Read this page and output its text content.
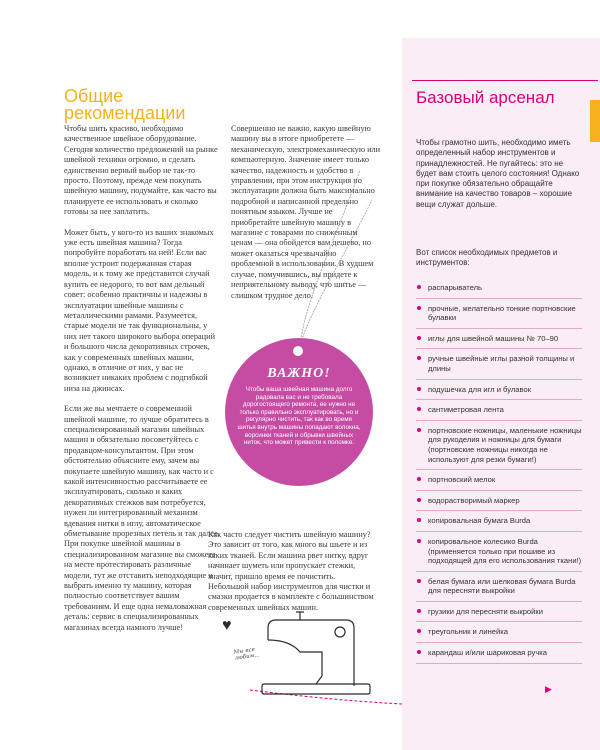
Общие рекомендации

Чтобы шить красиво, необходимо качественное швейное оборудование. Сегодня количество предложений на рынке швейной техники огромно, и сделать единственно верный выбор не так-то просто. Поэтому, прежде чем покупать швейную машину, подумайте, как часто вы планируете ее использовать и сколько готовы за нее заплатить.

Может быть, у кого-то из ваших знакомых уже есть швейная машина? Тогда попробуйте поработать на ней! Если вас вполне устроит подержанная старая модель, и к тому же представится случай купить ее недорого, то вот вам дельный совет: особенно практичны и надежны в эксплуатации швейные машины с металлическими рамами. Разумеется, старые модели не так функциональны, у них нет такого широкого выбора операций и большого числа декоративных строчек, как у современных швейных машин, однако, в отличие от них, у вас не возникнет никаких проблем с подгибкой низа на джинсах.

Если же вы мечтаете о современной швейной машине, то лучше обратитесь в специализированный магазин швейных машин и обязательно посоветуйтесь с продавцом-консультантом. При этом обстоятельно объясните ему, зачем вы покупаете швейную машину, как часто и с какой интенсивностью рассчитываете ее эксплуатировать, сколько и каких декоративных стежков вам потребуется, нужен ли интегрированный механизм вдевания нитки в иглу, автоматическое обметывание прорезных петель и так далее. При покупке швейной машины в специализированном магазине вы сможете на месте протестировать различные модели, тут же отставить неподходящие и выбрать именно ту машину, которая полностью соответствует вашим требованиям. И еще одна немаловажная деталь: сервис в специализированных магазинах всегда намного лучше!

Совершенно не важно, какую швейную машину вы в итоге приобретете — механическую, электромеханическую или компьютерную. Значение имеет только качество, надежность и удобство в управлении, при этом инструкция по эксплуатации должна быть максимально подробной и написанной предельно понятным языком. Лучше не приобретайте швейную машину в магазине с товарами по сниженным ценам — она обойдется вам дешево, но может оказаться чрезвычайно проблемной в использовании. В худшем случае, помучившись, вы придете к неприятельному выводу, что шитье — слишком трудное дело.

ВАЖНО!
Чтобы ваша швейная машина долго радовала вас и не требовала дорогостоящего ремонта, ее нужно не только правильно эксплуатировать, но и регулярно чистить, так как во время шитья внутрь машины попадают волокна, ворсинки тканей и обрывки швейных ниток, что может привести к поломке.

Как часто следует чистить швейную машину? Это зависит от того, как много вы шьете и из каких тканей. Если машина рвет нитку, вдруг начинает шуметь или пропускает стежки, значит, пришло время ее почистить. Небольшой набор инструментов для чистки и смазки продается в комплекте с большинством современных швейных машин.

♥
Мы все любим…
Базовый арсенал
Чтобы грамотно шить, необходимо иметь определенный набор инструментов и принадлежностей. Не пугайтесь: это не будет вам стоить целого состояния! Однако при покупке обязательно обращайте внимание на качество товаров – хорошие вещи служат дольше.
Вот список необходимых предметов и инструментов:
распарыватель
прочные, желательно тонкие портновские булавки
иглы для швейной машины № 70–90
ручные швейные иглы разной толщины и длины
подушечка для игл и булавок
сантиметровая лента
портновские ножницы, маленькие ножницы для рукоделия и ножницы для бумаги (портновские ножницы никогда не используют для резки бумаги!)
портновский мелок
водорастворимый маркер
копировальная бумага Burda
копировальное колесико Burda (применяется только при пошиве из подходящей для его использования ткани!)
белая бумага или шелковая бумага Burda для пересняти выкройки
грузики для пересняти выкройки
треугольник и линейка
карандаш и/или шариковая ручка
▶
